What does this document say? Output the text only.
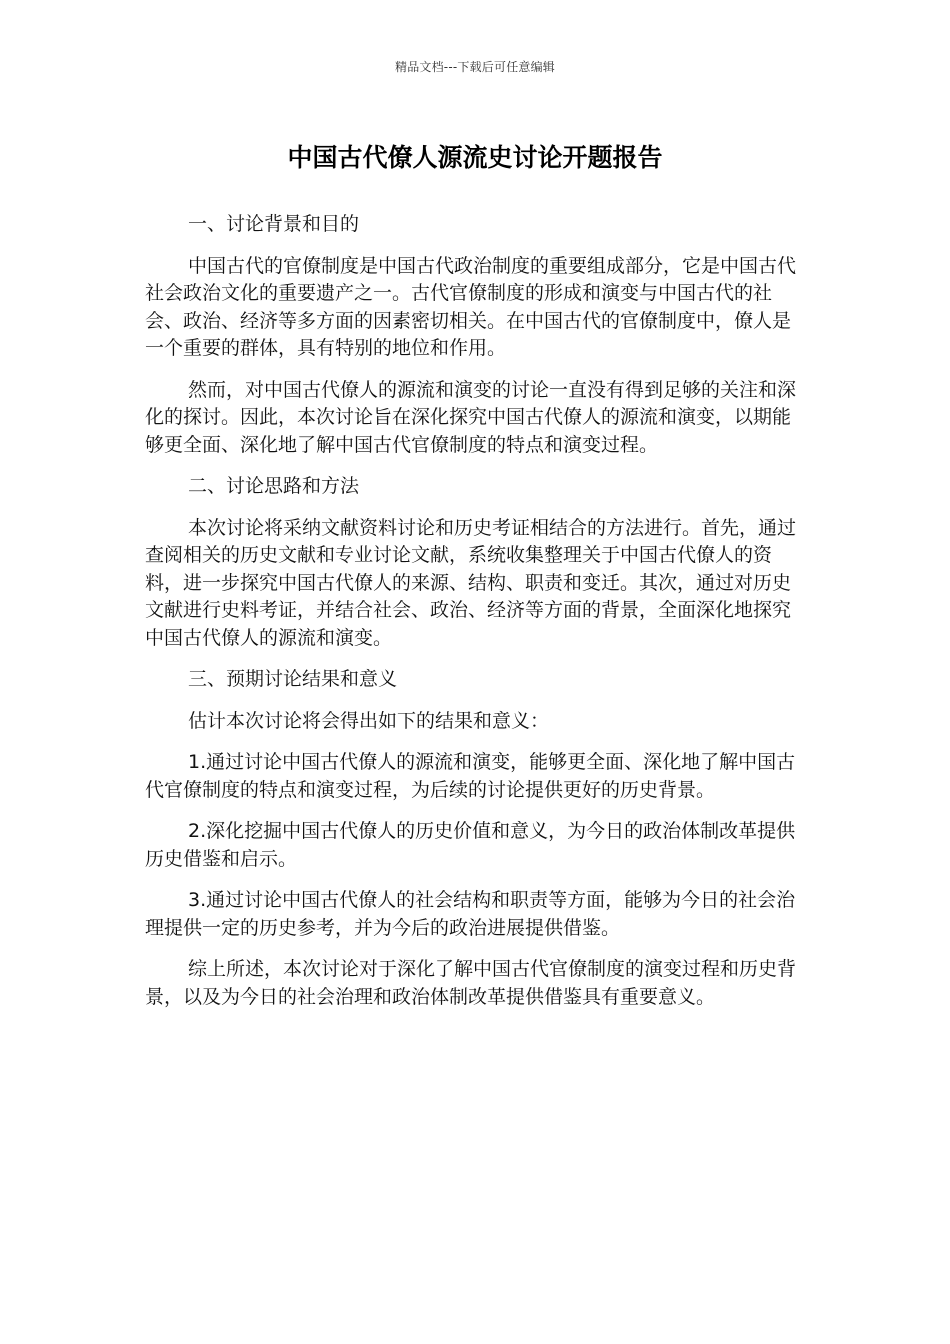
精品文档---下载后可任意编辑
中国古代僚人源流史讨论开题报告

一、讨论背景和目的

中国古代的官僚制度是中国古代政治制度的重要组成部分，它是中国古代社会政治文化的重要遗产之一。古代官僚制度的形成和演变与中国古代的社会、政治、经济等多方面的因素密切相关。在中国古代的官僚制度中，僚人是一个重要的群体，具有特别的地位和作用。

然而，对中国古代僚人的源流和演变的讨论一直没有得到足够的关注和深化的探讨。因此，本次讨论旨在深化探究中国古代僚人的源流和演变，以期能够更全面、深化地了解中国古代官僚制度的特点和演变过程。

二、讨论思路和方法

本次讨论将采纳文献资料讨论和历史考证相结合的方法进行。首先，通过查阅相关的历史文献和专业讨论文献，系统收集整理关于中国古代僚人的资料，进一步探究中国古代僚人的来源、结构、职责和变迁。其次，通过对历史文献进行史料考证，并结合社会、政治、经济等方面的背景，全面深化地探究中国古代僚人的源流和演变。

三、预期讨论结果和意义

估计本次讨论将会得出如下的结果和意义：

1.通过讨论中国古代僚人的源流和演变，能够更全面、深化地了解中国古代官僚制度的特点和演变过程，为后续的讨论提供更好的历史背景。

2.深化挖掘中国古代僚人的历史价值和意义，为今日的政治体制改革提供历史借鉴和启示。

3.通过讨论中国古代僚人的社会结构和职责等方面，能够为今日的社会治理提供一定的历史参考，并为今后的政治进展提供借鉴。

综上所述，本次讨论对于深化了解中国古代官僚制度的演变过程和历史背景，以及为今日的社会治理和政治体制改革提供借鉴具有重要意义。
